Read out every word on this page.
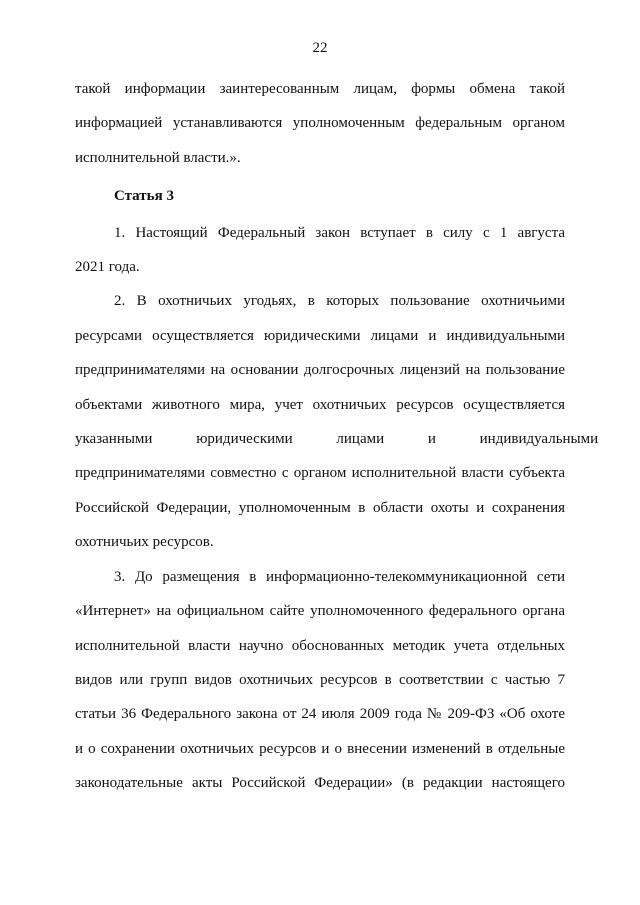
22
такой информации заинтересованным лицам, формы обмена такой
информацией устанавливаются уполномоченным федеральным органом
исполнительной власти.».

Статья 3

1. Настоящий Федеральный закон вступает в силу с 1 августа
2021 года.
2. В охотничьих угодьях, в которых пользование охотничьими
ресурсами осуществляется юридическими лицами и индивидуальными
предпринимателями на основании долгосрочных лицензий на пользование
объектами животного мира, учет охотничьих ресурсов осуществляется
указанными юридическими лицами и индивидуальными
предпринимателями совместно с органом исполнительной власти субъекта
Российской Федерации, уполномоченным в области охоты и сохранения
охотничьих ресурсов.
3. До размещения в информационно-телекоммуникационной сети
«Интернет» на официальном сайте уполномоченного федерального органа
исполнительной власти научно обоснованных методик учета отдельных
видов или групп видов охотничьих ресурсов в соответствии с частью 7
статьи 36 Федерального закона от 24 июля 2009 года № 209-ФЗ «Об охоте
и о сохранении охотничьих ресурсов и о внесении изменений в отдельные
законодательные акты Российской Федерации» (в редакции настоящего
